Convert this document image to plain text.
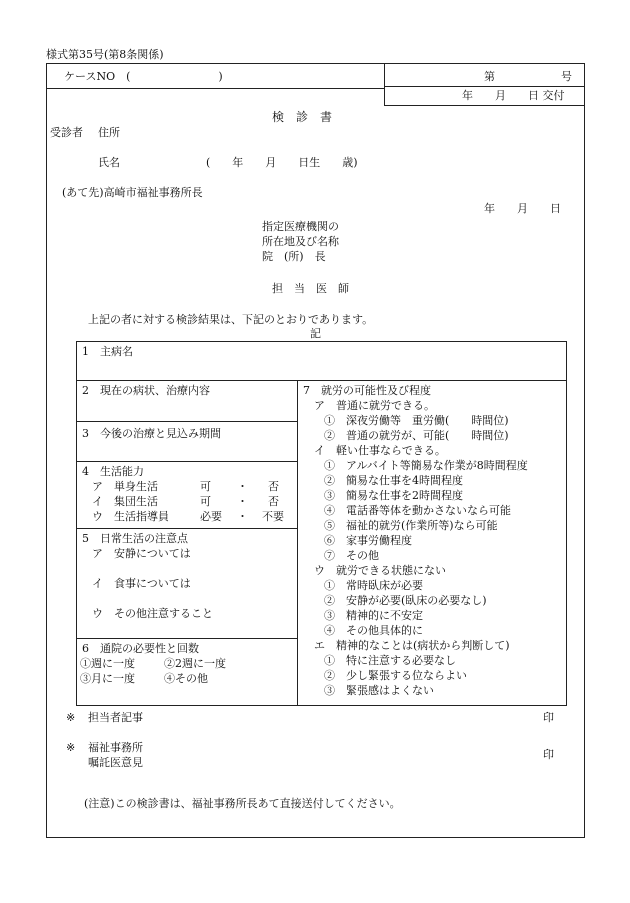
様式第35号(第8条関係)
ケースNO　(　　　　　　　　)	第　　　　　　号
年　　月　　日 交付
検　診　書
受診者 住所
氏名	(　　年　　月　　日生　　歳)
(あて先)高崎市福祉事務所長
年　　月　　日
指定医療機関の
所在地及び名称
院　(所)　長
担　当　医　師
上記の者に対する検診結果は、下記のとおりであります。
記
1　主病名
2　現在の病状、治療内容
3　今後の治療と見込み期間
4　生活能力
ア　単身生活	可 ・ 否
イ　集団生活	可 ・ 否
ウ　生活指導員	必要 ・ 不要
5　日常生活の注意点
ア　安静については
イ　食事については
ウ　その他注意すること
6　通院の必要性と回数
①週に一度	②2週に一度
③月に一度	④その他
7　就労の可能性及び程度
ア　普通に就労できる。
①　深夜労働等　重労働(　　時間位)
②　普通の就労が、可能(　　時間位)
イ　軽い仕事ならできる。
①　アルバイト等簡易な作業が8時間程度
②　簡易な仕事を4時間程度
③　簡易な仕事を2時間程度
④　電話番等体を動かさないなら可能
⑤　福祉的就労(作業所等)なら可能
⑥　家事労働程度
⑦　その他
ウ　就労できる状態にない
①　常時臥床が必要
②　安静が必要(臥床の必要なし)
③　精神的に不安定
④　その他具体的に
エ　精神的なことは(病状から判断して)
①　特に注意する必要なし
②　少し緊張する位ならよい
③　緊張感はよくない
※ 担当者記事	印
※ 福祉事務所
嘱託医意見
印
(注意)この検診書は、福祉事務所長あて直接送付してください。
